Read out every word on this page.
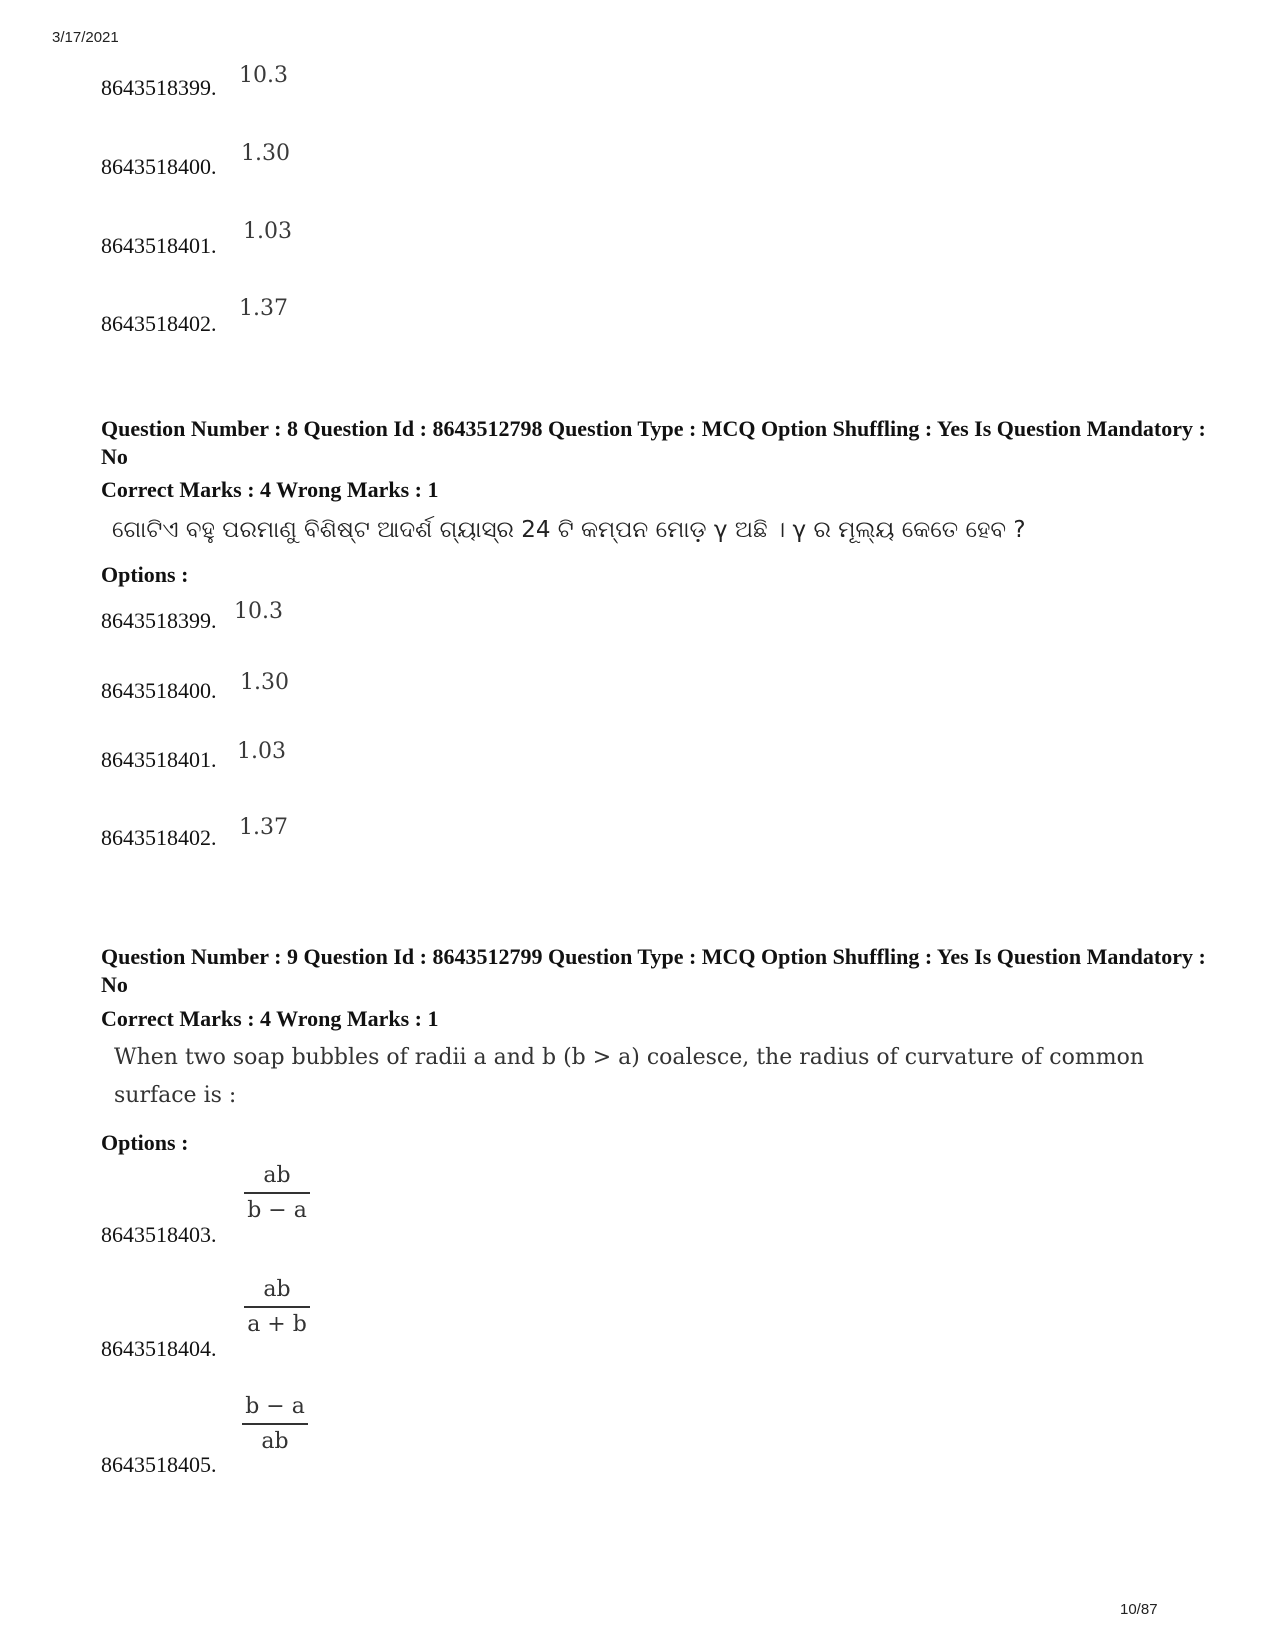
3/17/2021
8643518399. 10.3
8643518400.
1.30
8643518401.
1.03
8643518402.
1.37
Question Number : 8 Question Id : 8643512798 Question Type : MCQ Option Shuffling : Yes Is Question Mandatory : No
Correct Marks : 4 Wrong Marks : 1
ଗୋଟିଏ ବହୁ ପରମାଣୁ ବିଶିଷ୍ଟ ଆଦର୍ଶ ଗ୍ୟାସ୍‌ର 24 ଟି କମ୍ପନ ମୋଡ଼ γ ଅଛି । γ ର ମୂଲ୍ୟ କେତେ ହେବ ?
Options :
8643518399. 10.3
8643518400. 1.30
8643518401. 1.03
8643518402. 1.37
Question Number : 9 Question Id : 8643512799 Question Type : MCQ Option Shuffling : Yes Is Question Mandatory : No
Correct Marks : 4 Wrong Marks : 1
When two soap bubbles of radii a and b (b > a) coalesce, the radius of curvature of common surface is :
Options :
8643518403.
ab
b − a
8643518404.
ab
a + b
8643518405.
b − a
ab
10/87
